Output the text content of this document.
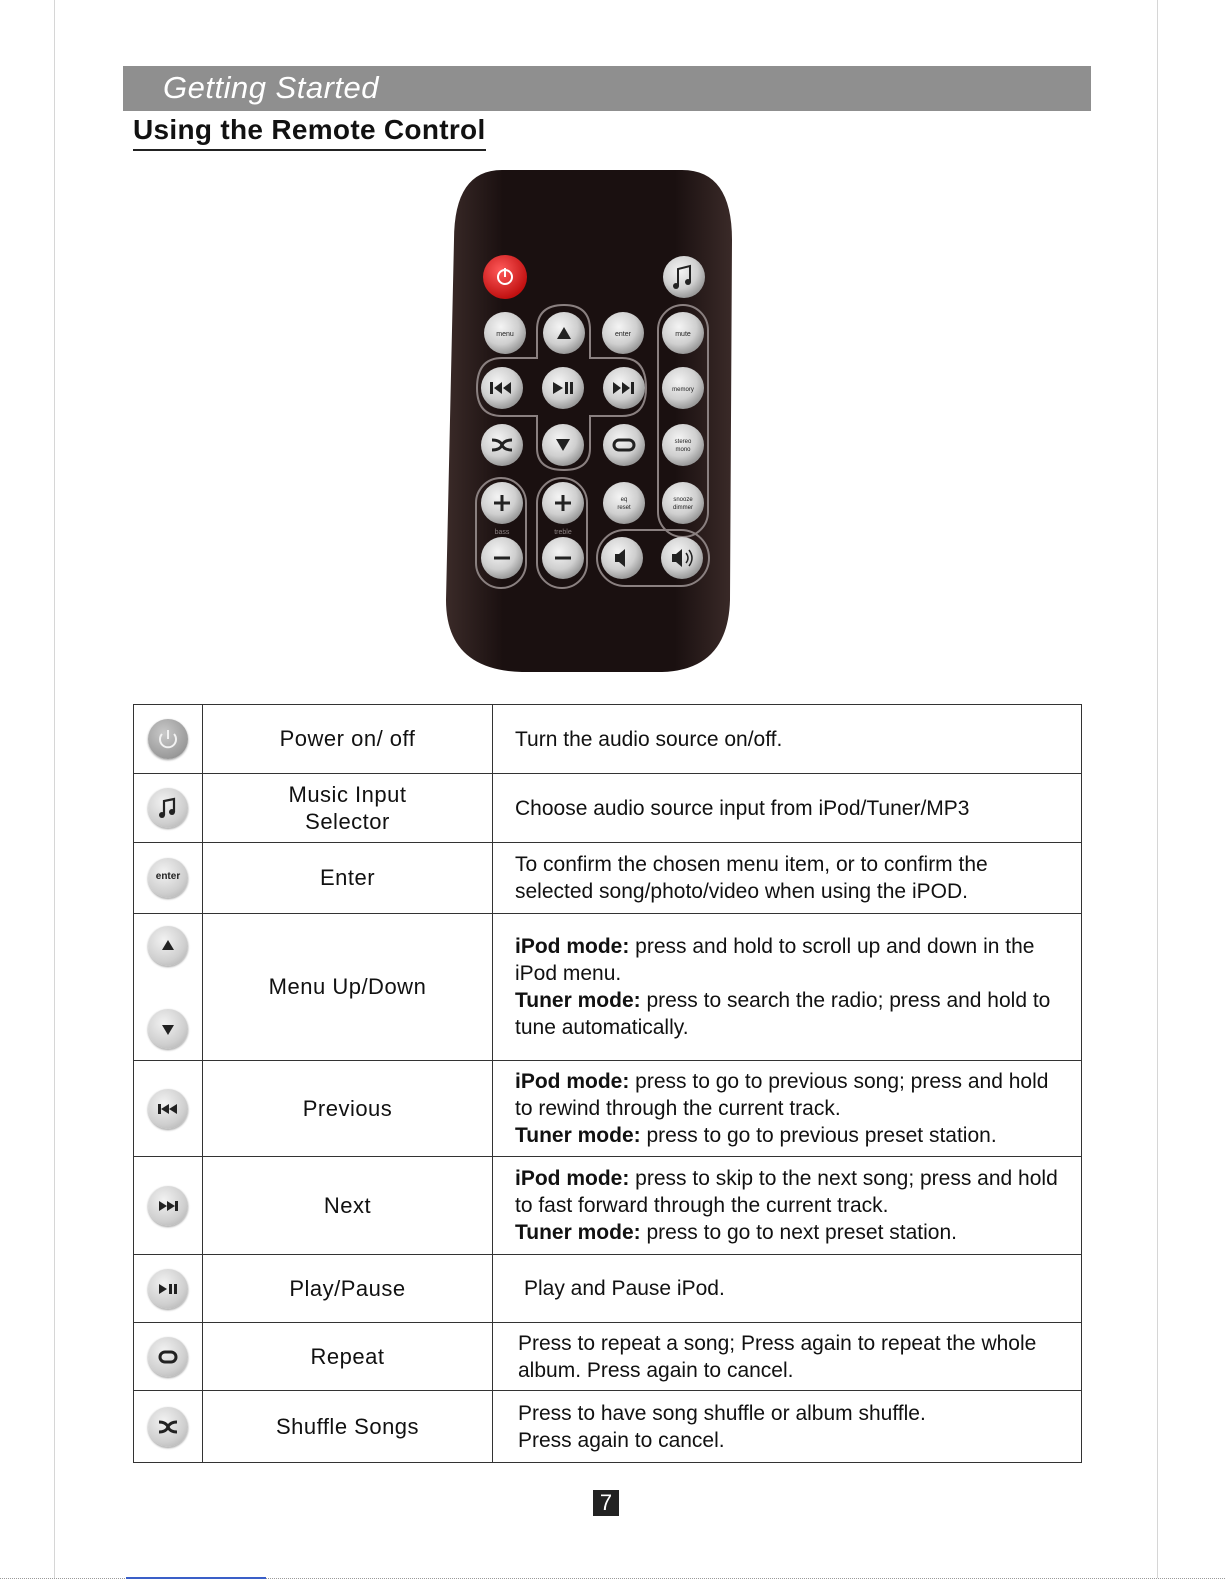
Getting Started
Using the Remote Control
menu	enter	mute
memory
stereo
mono
bass	treble
eq
reset
snooze
dimmer
	Power on/ off	Turn the audio source on/off.

	Music Input Selector	Choose audio source input from iPod/Tuner/MP3

enter	Enter	To confirm the chosen menu item, or to confirm the selected song/photo/video when using the iPOD.

	Menu Up/Down	iPod mode: press and hold to scroll up and down in the iPod menu.
Tuner mode: press to search the radio; press and hold to tune automatically.

	Previous	iPod mode: press to go to previous song; press and hold to rewind through the current track.
Tuner mode: press to go to previous preset station.

	Next	iPod mode: press to skip to the next song; press and hold to fast forward through the current track.
Tuner mode: press to go to next preset station.

	Play/Pause	Play and Pause iPod.

	Repeat	Press to repeat a song; Press again to repeat the whole album. Press again to cancel.

	Shuffle Songs	Press to have song shuffle or album shuffle.
Press again to cancel.
7
